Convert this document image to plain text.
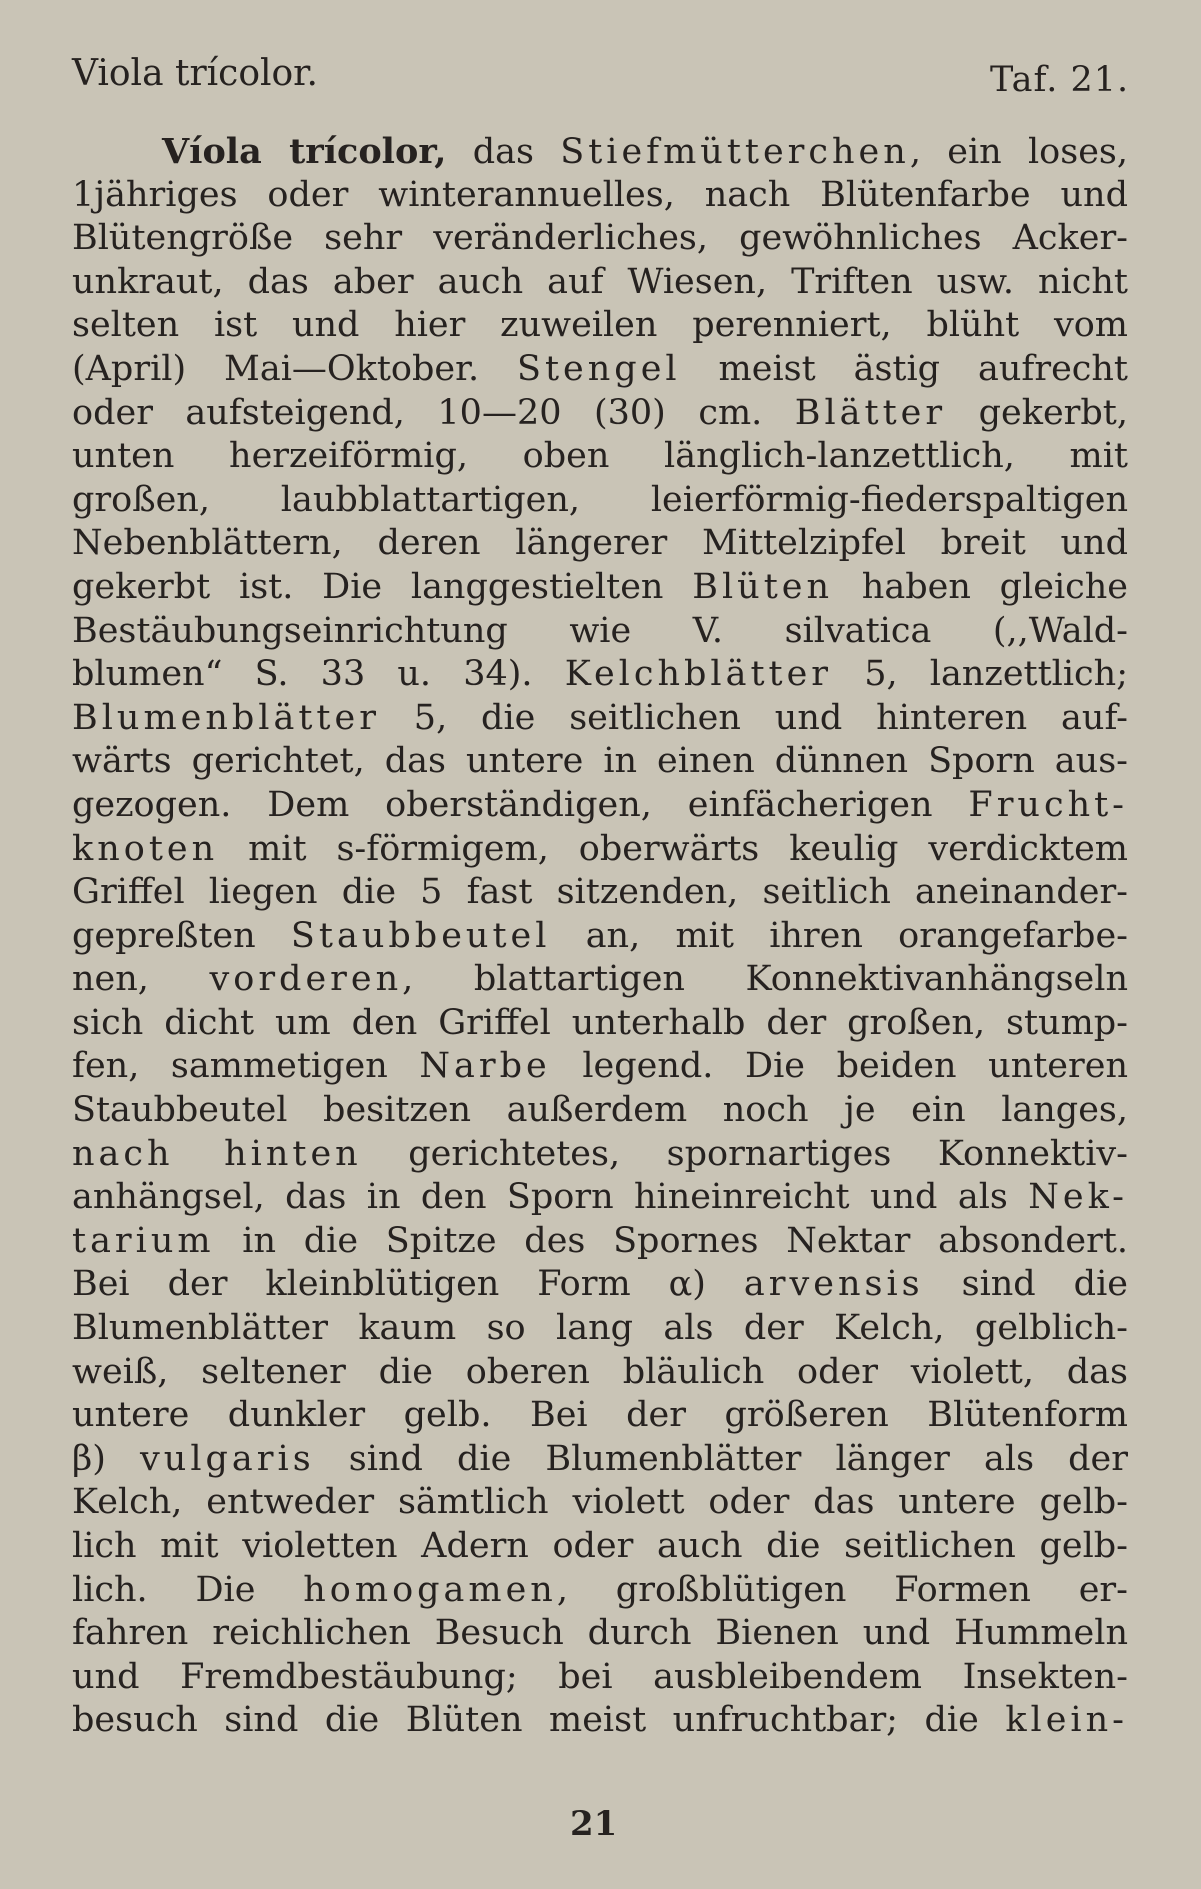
Viola trícolor.	Taf. 21.
Víola trícolor, das Stiefmütterchen, ein loses,
1jähriges oder winterannuelles, nach Blütenfarbe und
Blütengröße sehr veränderliches, gewöhnliches Acker-
unkraut, das aber auch auf Wiesen, Triften usw. nicht
selten ist und hier zuweilen perenniert, blüht vom
(April) Mai—Oktober. Stengel meist ästig aufrecht
oder aufsteigend, 10—20 (30) cm. Blätter gekerbt,
unten herzeiförmig, oben länglich-lanzettlich, mit
großen, laubblattartigen, leierförmig-fiederspaltigen
Nebenblättern, deren längerer Mittelzipfel breit und
gekerbt ist. Die langgestielten Blüten haben gleiche
Bestäubungseinrichtung wie V. silvatica (,,Wald-
blumen“ S. 33 u. 34). Kelchblätter 5, lanzettlich;
Blumenblätter 5, die seitlichen und hinteren auf-
wärts gerichtet, das untere in einen dünnen Sporn aus-
gezogen. Dem oberständigen, einfächerigen Frucht-
knoten mit s-förmigem, oberwärts keulig verdicktem
Griffel liegen die 5 fast sitzenden, seitlich aneinander-
gepreßten Staubbeutel an, mit ihren orangefarbe-
nen, vorderen, blattartigen Konnektivanhängseln
sich dicht um den Griffel unterhalb der großen, stump-
fen, sammetigen Narbe legend. Die beiden unteren
Staubbeutel besitzen außerdem noch je ein langes,
nach hinten gerichtetes, spornartiges Konnektiv-
anhängsel, das in den Sporn hineinreicht und als Nek-
tarium in die Spitze des Spornes Nektar absondert.
Bei der kleinblütigen Form α) arvensis sind die
Blumenblätter kaum so lang als der Kelch, gelblich-
weiß, seltener die oberen bläulich oder violett, das
untere dunkler gelb. Bei der größeren Blütenform
β) vulgaris sind die Blumenblätter länger als der
Kelch, entweder sämtlich violett oder das untere gelb-
lich mit violetten Adern oder auch die seitlichen gelb-
lich. Die homogamen, großblütigen Formen er-
fahren reichlichen Besuch durch Bienen und Hummeln
und Fremdbestäubung; bei ausbleibendem Insekten-
besuch sind die Blüten meist unfruchtbar; die klein-
21
